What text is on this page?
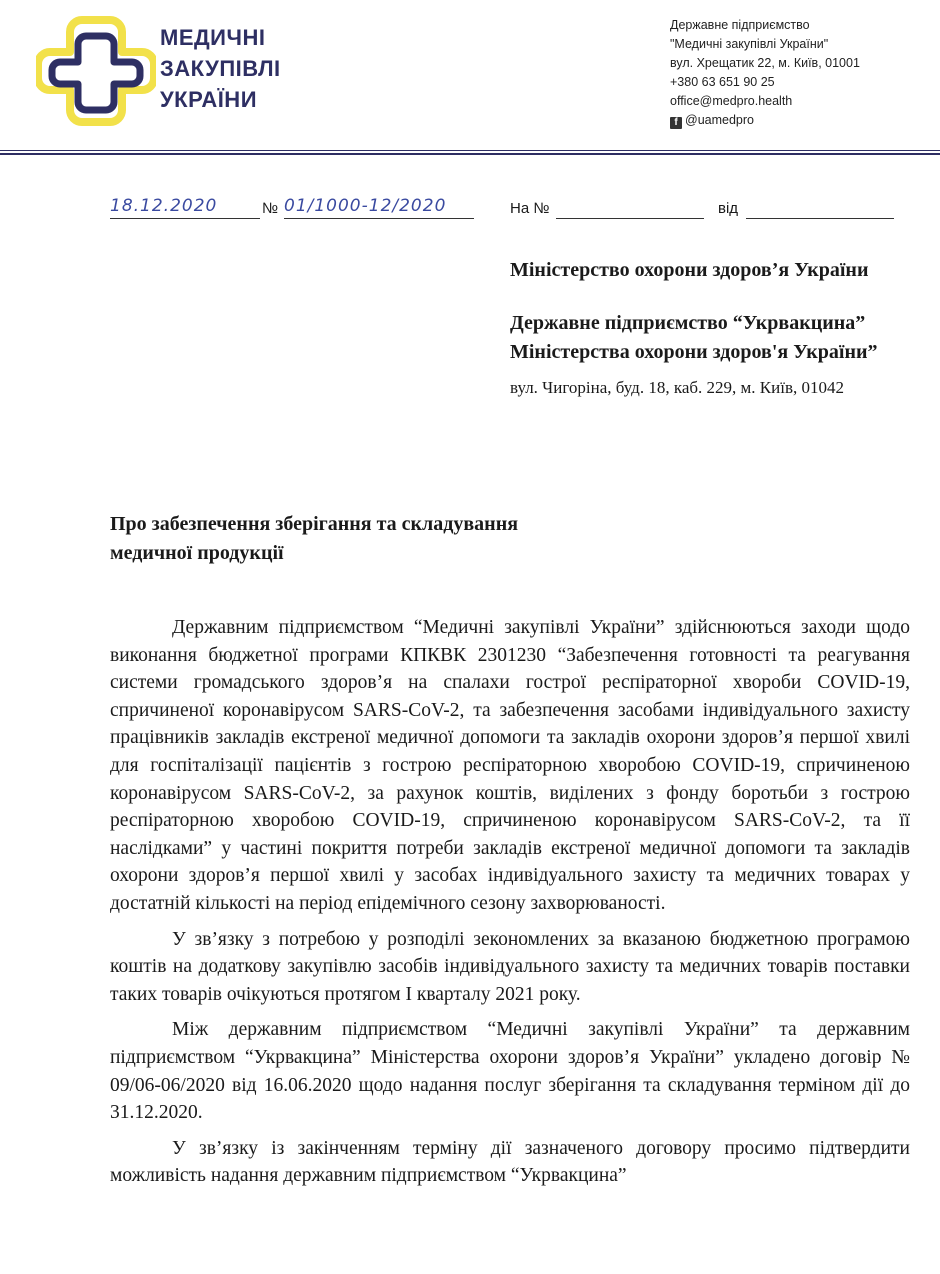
МЕДИЧНІ
ЗАКУПІВЛІ
УКРАЇНИ
Державне підприємство
"Медичні закупівлі України"
вул. Хрещатик 22, м. Київ, 01001
+380 63 651 90 25
office@medpro.health
f @uamedpro
18.12.2020	№ 01/1000-12/2020	На №	від
Міністерство охорони здоров’я України
Державне підприємство “Укрвакцина” Міністерства охорони здоров'я України”
вул. Чигоріна, буд. 18, каб. 229, м. Київ, 01042
Про забезпечення зберігання та складування медичної продукції

Державним підприємством “Медичні закупівлі України” здійснюються заходи щодо виконання бюджетної програми КПКВК 2301230 “Забезпечення готовності та реагування системи громадського здоров’я на спалахи гострої респіраторної хвороби COVID-19, спричиненої коронавірусом SARS-CoV-2, та забезпечення засобами індивідуального захисту працівників закладів екстреної медичної допомоги та закладів охорони здоров’я першої хвилі для госпіталізації пацієнтів з гострою респіраторною хворобою COVID-19, спричиненою коронавірусом SARS-CoV-2, за рахунок коштів, виділених з фонду боротьби з гострою респіраторною хворобою COVID-19, спричиненою коронавірусом SARS-CoV-2, та її наслідками” у частині покриття потреби закладів екстреної медичної допомоги та закладів охорони здоров’я першої хвилі у засобах індивідуального захисту та медичних товарах у достатній кількості на період епідемічного сезону захворюваності.

У зв’язку з потребою у розподілі зекономлених за вказаною бюджетною програмою коштів на додаткову закупівлю засобів індивідуального захисту та медичних товарів поставки таких товарів очікуються протягом I кварталу 2021 року.

Між державним підприємством “Медичні закупівлі України” та державним підприємством “Укрвакцина” Міністерства охорони здоров’я України” укладено договір № 09/06-06/2020 від 16.06.2020 щодо надання послуг зберігання та складування терміном дії до 31.12.2020.

У зв’язку із закінченням терміну дії зазначеного договору просимо підтвердити можливість надання державним підприємством “Укрвакцина”
